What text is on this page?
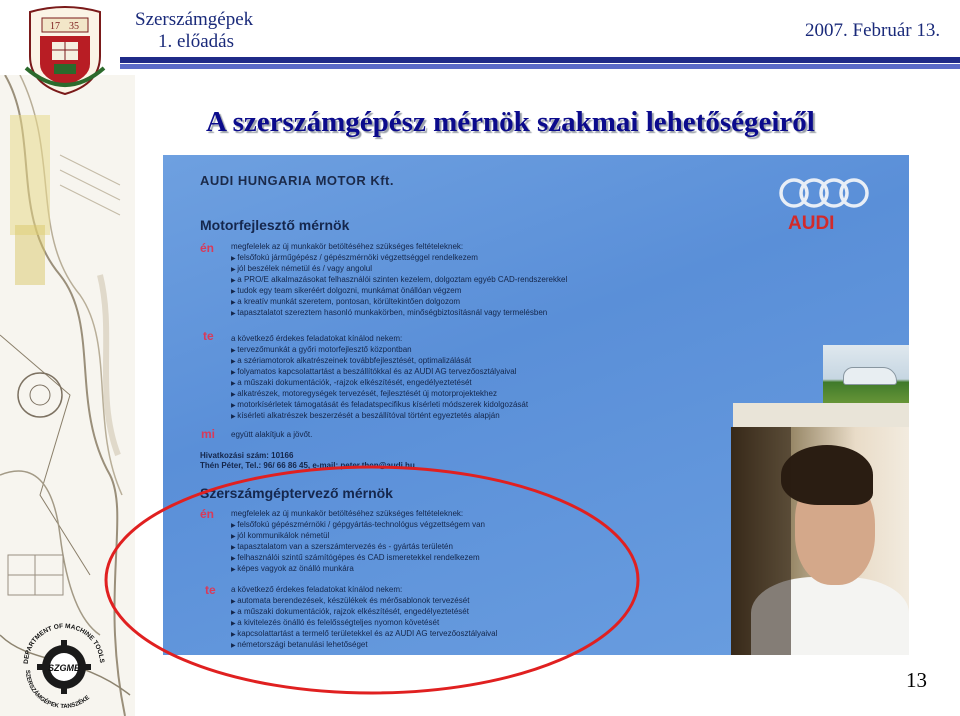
17 35	Szerszámgépek
1. előadás
2007. Február 13.
A szerszámgépész mérnök szakmai lehetőségeiről
AUDI HUNGARIA MOTOR Kft.
AUDI
Motorfejlesztő mérnök
én megfelelek az új munkakör betöltéséhez szükséges feltételeknek:
▶ felsőfokú járműgépész / gépészmérnöki végzettséggel rendelkezem
▶ jól beszélek németül és / vagy angolul
▶ a PRO/E alkalmazásokat felhasználói szinten kezelem, dolgoztam egyéb CAD-rendszerekkel
▶ tudok egy team sikeréért dolgozni, munkámat önállóan végzem
▶ a kreatív munkát szeretem, pontosan, körültekintően dolgozom
▶ tapasztalatot szereztem hasonló munkakörben, minőségbiztosításnál vagy termelésben
te a következő érdekes feladatokat kínálod nekem:
▶ tervezőmunkát a győri motorfejlesztő központban
▶ a szériamotorok alkatrészeinek továbbfejlesztését, optimalizálását
▶ folyamatos kapcsolattartást a beszállítókkal és az AUDI AG tervezőosztályaival
▶ a műszaki dokumentációk, -rajzok elkészítését, engedélyeztetését
▶ alkatrészek, motoregységek tervezését, fejlesztését új motorprojektekhez
▶ motorkísérletek támogatását és feladatspecifikus kísérleti módszerek kidolgozását
▶ kísérleti alkatrészek beszerzését a beszállítóval történt egyeztetés alapján
mi együtt alakítjuk a jövőt.
Hivatkozási szám: 10166
Thén Péter, Tel.: 96/ 66 86 45, e-mail: peter.then@audi.hu
Szerszámgéptervező mérnök
én megfelelek az új munkakör betöltéséhez szükséges feltételeknek:
▶ felsőfokú gépészmérnöki / gépgyártás-technológus végzettségem van
▶ jól kommunikálok németül
▶ tapasztalatom van a szerszámtervezés és - gyártás területén
▶ felhasználói szintű számítógépes és CAD ismeretekkel rendelkezem
▶ képes vagyok az önálló munkára
te a következő érdekes feladatokat kínálod nekem:
▶ automata berendezések, készülékek és mérősablonok tervezését
▶ a műszaki dokumentációk, rajzok elkészítését, engedélyeztetését
▶ a kivitelezés önálló és felelősségteljes nyomon követését
▶ kapcsolattartást a termelő területekkel és az AUDI AG tervezőosztályaival
▶ németországi betanulási lehetőséget
13
DEPARTMENT OF MACHINE TOOLS
SZERSZÁMGÉPEK TANSZÉKE
SZGME
